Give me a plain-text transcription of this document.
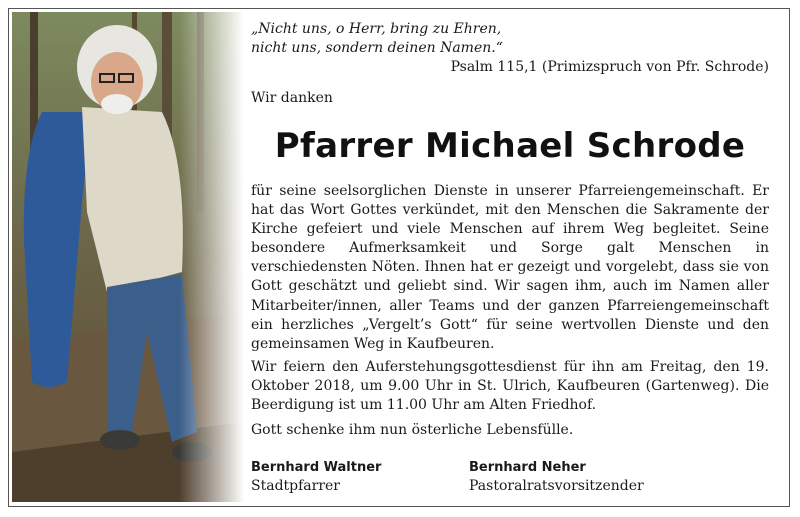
„Nicht uns, o Herr, bring zu Ehren,

nicht uns, sondern deinen Namen.“

Psalm 115,1 (Primizspruch von Pfr. Schrode)

Wir danken

Pfarrer Michael Schrode

für seine seelsorglichen Dienste in unserer Pfarreiengemeinschaft. Er hat das Wort Gottes verkündet, mit den Menschen die Sakramente der Kirche gefeiert und viele Menschen auf ihrem Weg begleitet. Seine besondere Aufmerksamkeit und Sorge galt Menschen in verschiedensten Nöten. Ihnen hat er gezeigt und vorgelebt, dass sie von Gott geschätzt und geliebt sind. Wir sagen ihm, auch im Namen aller Mitarbeiter/innen, aller Teams und der ganzen Pfarreiengemeinschaft ein herzliches „Vergelt’s Gott“ für seine wertvollen Dienste und den gemeinsamen Weg in Kaufbeuren.

Wir feiern den Auferstehungsgottesdienst für ihn am Freitag, den 19. Oktober 2018, um 9.00 Uhr in St. Ulrich, Kaufbeuren (Gartenweg). Die Beerdigung ist um 11.00 Uhr am Alten Friedhof.

Gott schenke ihm nun österliche Lebensfülle.

Bernhard Waltner
Stadtpfarrer
Bernhard Neher
Pastoralratsvorsitzender
